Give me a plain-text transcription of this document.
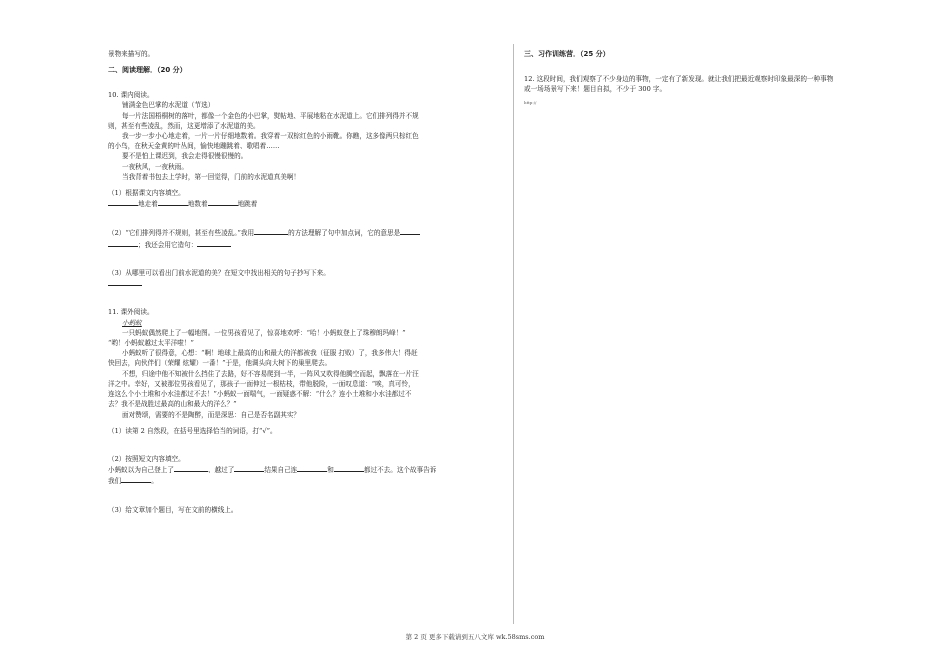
景物来描写的。
二、阅读理解．（20 分）
10. 课内阅读。
铺满金色巴掌的水泥道（节选）
每一片法国梧桐树的落叶，都像一个金色的小巴掌，熨帖地、平展地粘在水泥道上。它们排列得并不规
则，甚至有些凌乱，然而，这更增添了水泥道的美。
我一步一步小心地走着，一片一片仔细地数着。我穿着一双棕红色的小雨靴。你瞧，这多像两只棕红色
的小鸟，在秋天金黄的叶丛间，愉快地蹦跳着、歌唱着……
要不是怕上课迟到，我会走得很慢很慢的。
一夜秋风，一夜秋雨。
当我背着书包去上学时，第一回觉得，门前的水泥道真美啊！
（1）根据课文内容填空。
地走着	地数着	地跳着
（2）“它们排列得并不规则，甚至有些凌乱。”我用	的方法理解了句中加点词，它的意思是
；我还会用它造句：
（3）从哪里可以看出门前水泥道的美？在短文中找出相关的句子抄写下来。
11. 课外阅读。
小蚂蚁
一只蚂蚁偶然爬上了一幅地图。一位男孩看见了，惊喜地欢呼：“哈！小蚂蚁登上了珠穆朗玛峰！”
“哟！小蚂蚁越过太平洋啦！”
小蚂蚁听了很得意，心想：“啊！地球上最高的山和最大的洋都被我（征服 打败）了，我多伟大！得赶
快回去，向伙伴们（荣耀 炫耀）一番！”于是，他调头向大树下的巢里爬去。
不想，归途中他不知被什么挡住了去路，好不容易爬到一半，一阵风又吹得他腾空而起，飘落在一片汪
洋之中。幸好，又被那位男孩看见了，那孩子一面伸过一根枯枝，带他脱险，一面叹息道：“唉，真可怜，
连这么个小土堆和小水洼都过不去！”小蚂蚁一面喘气，一面疑惑不解：“什么？连小土堆和小水洼都过不
去？我不是战胜过最高的山和最大的洋么？”
面对赞颂，需要的不是陶醉，而是深思：自己是否名副其实？
（1）读第 2 自然段，在括号里选择恰当的词语，打“√”。
（2）按照短文内容填空。
小蚂蚁以为自己登上了	、越过了	结果自己连	和	都过不去。这个故事告诉
我们	。
（3）给文章加个题目，写在文前的横线上。
三、习作训练营．（25 分）
12. 这段时间，我们观察了不少身边的事物，一定有了新发现。就让我们把最近观察时印象最深的一种事物
或一场场景写下来！题目自拟，不少于 300 字。
http://
第 2 页 更多下载请到五八文库 wk.58sms.com
